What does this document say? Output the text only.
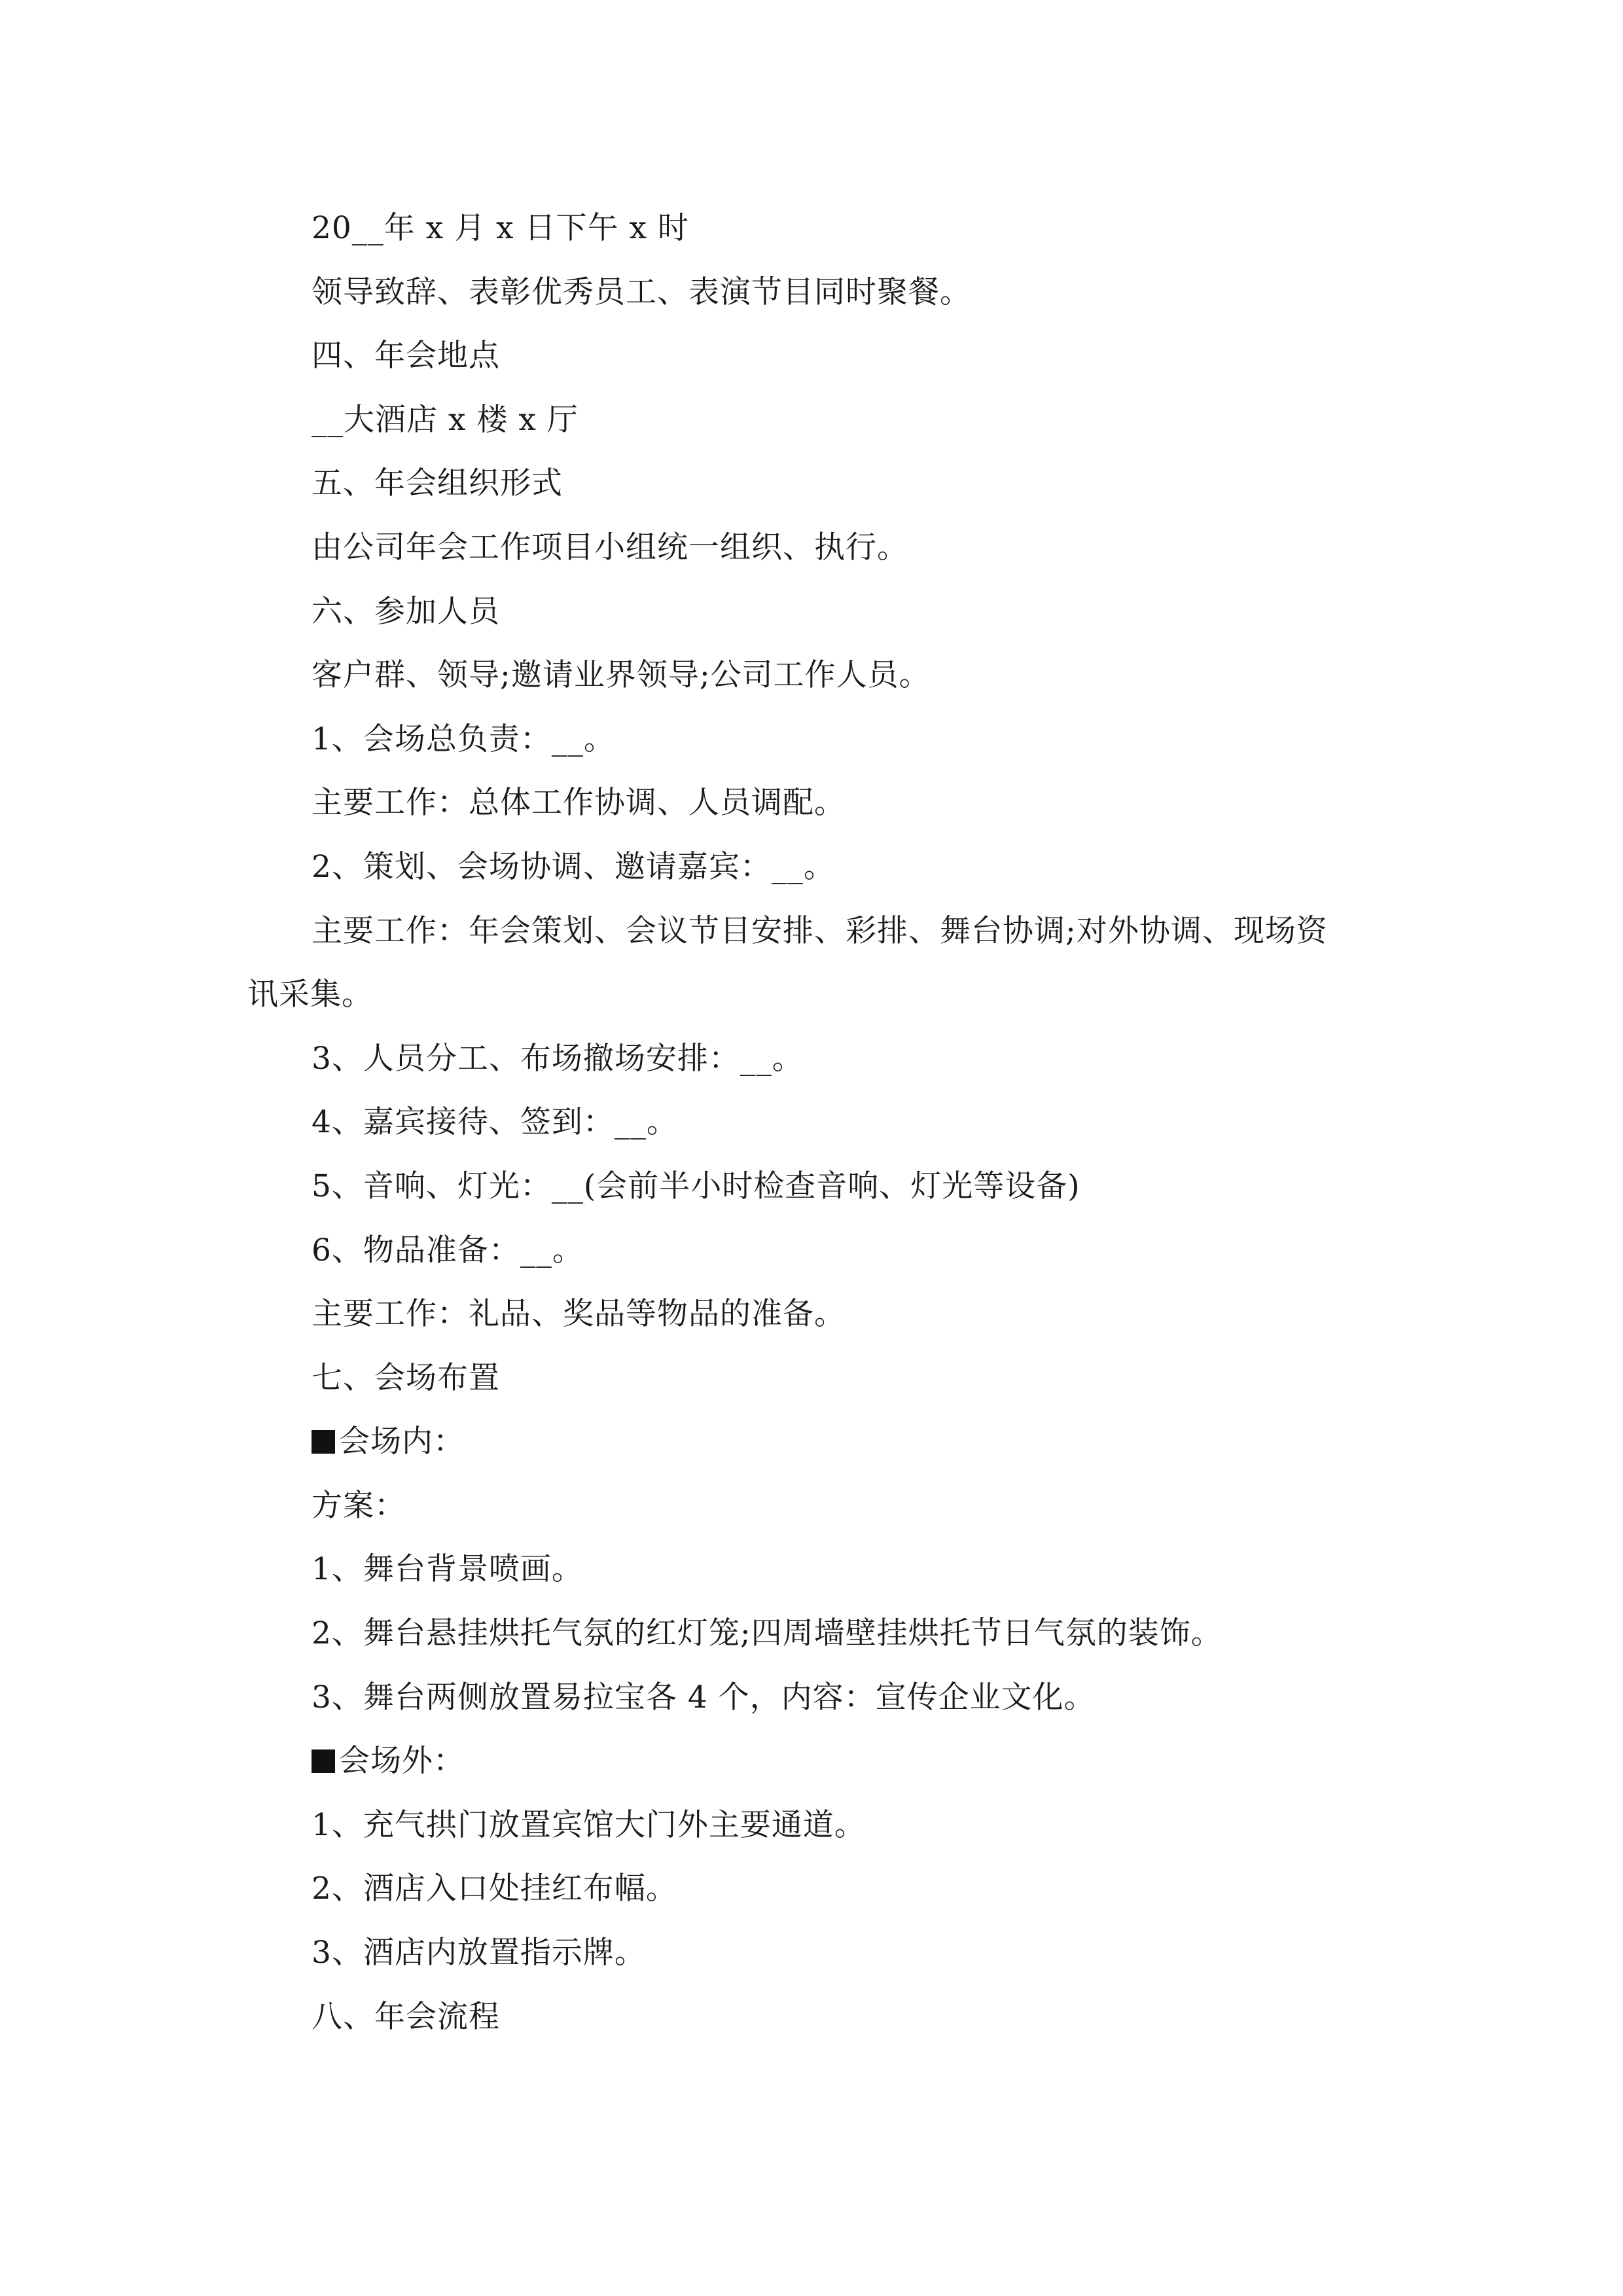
20__年 x 月 x 日下午 x 时
领导致辞、表彰优秀员工、表演节目同时聚餐。
四、年会地点
__大酒店 x 楼 x 厅
五、年会组织形式
由公司年会工作项目小组统一组织、执行。
六、参加人员
客户群、领导;邀请业界领导;公司工作人员。
1、会场总负责：__。
主要工作：总体工作协调、人员调配。
2、策划、会场协调、邀请嘉宾：__。
主要工作：年会策划、会议节目安排、彩排、舞台协调;对外协调、现场资
讯采集。
3、人员分工、布场撤场安排：__。
4、嘉宾接待、签到：__。
5、音响、灯光：__(会前半小时检查音响、灯光等设备)
6、物品准备：__。
主要工作：礼品、奖品等物品的准备。
七、会场布置
会场内：
方案：
1、舞台背景喷画。
2、舞台悬挂烘托气氛的红灯笼;四周墙壁挂烘托节日气氛的装饰。
3、舞台两侧放置易拉宝各 4 个，内容：宣传企业文化。
会场外：
1、充气拱门放置宾馆大门外主要通道。
2、酒店入口处挂红布幅。
3、酒店内放置指示牌。
八、年会流程
